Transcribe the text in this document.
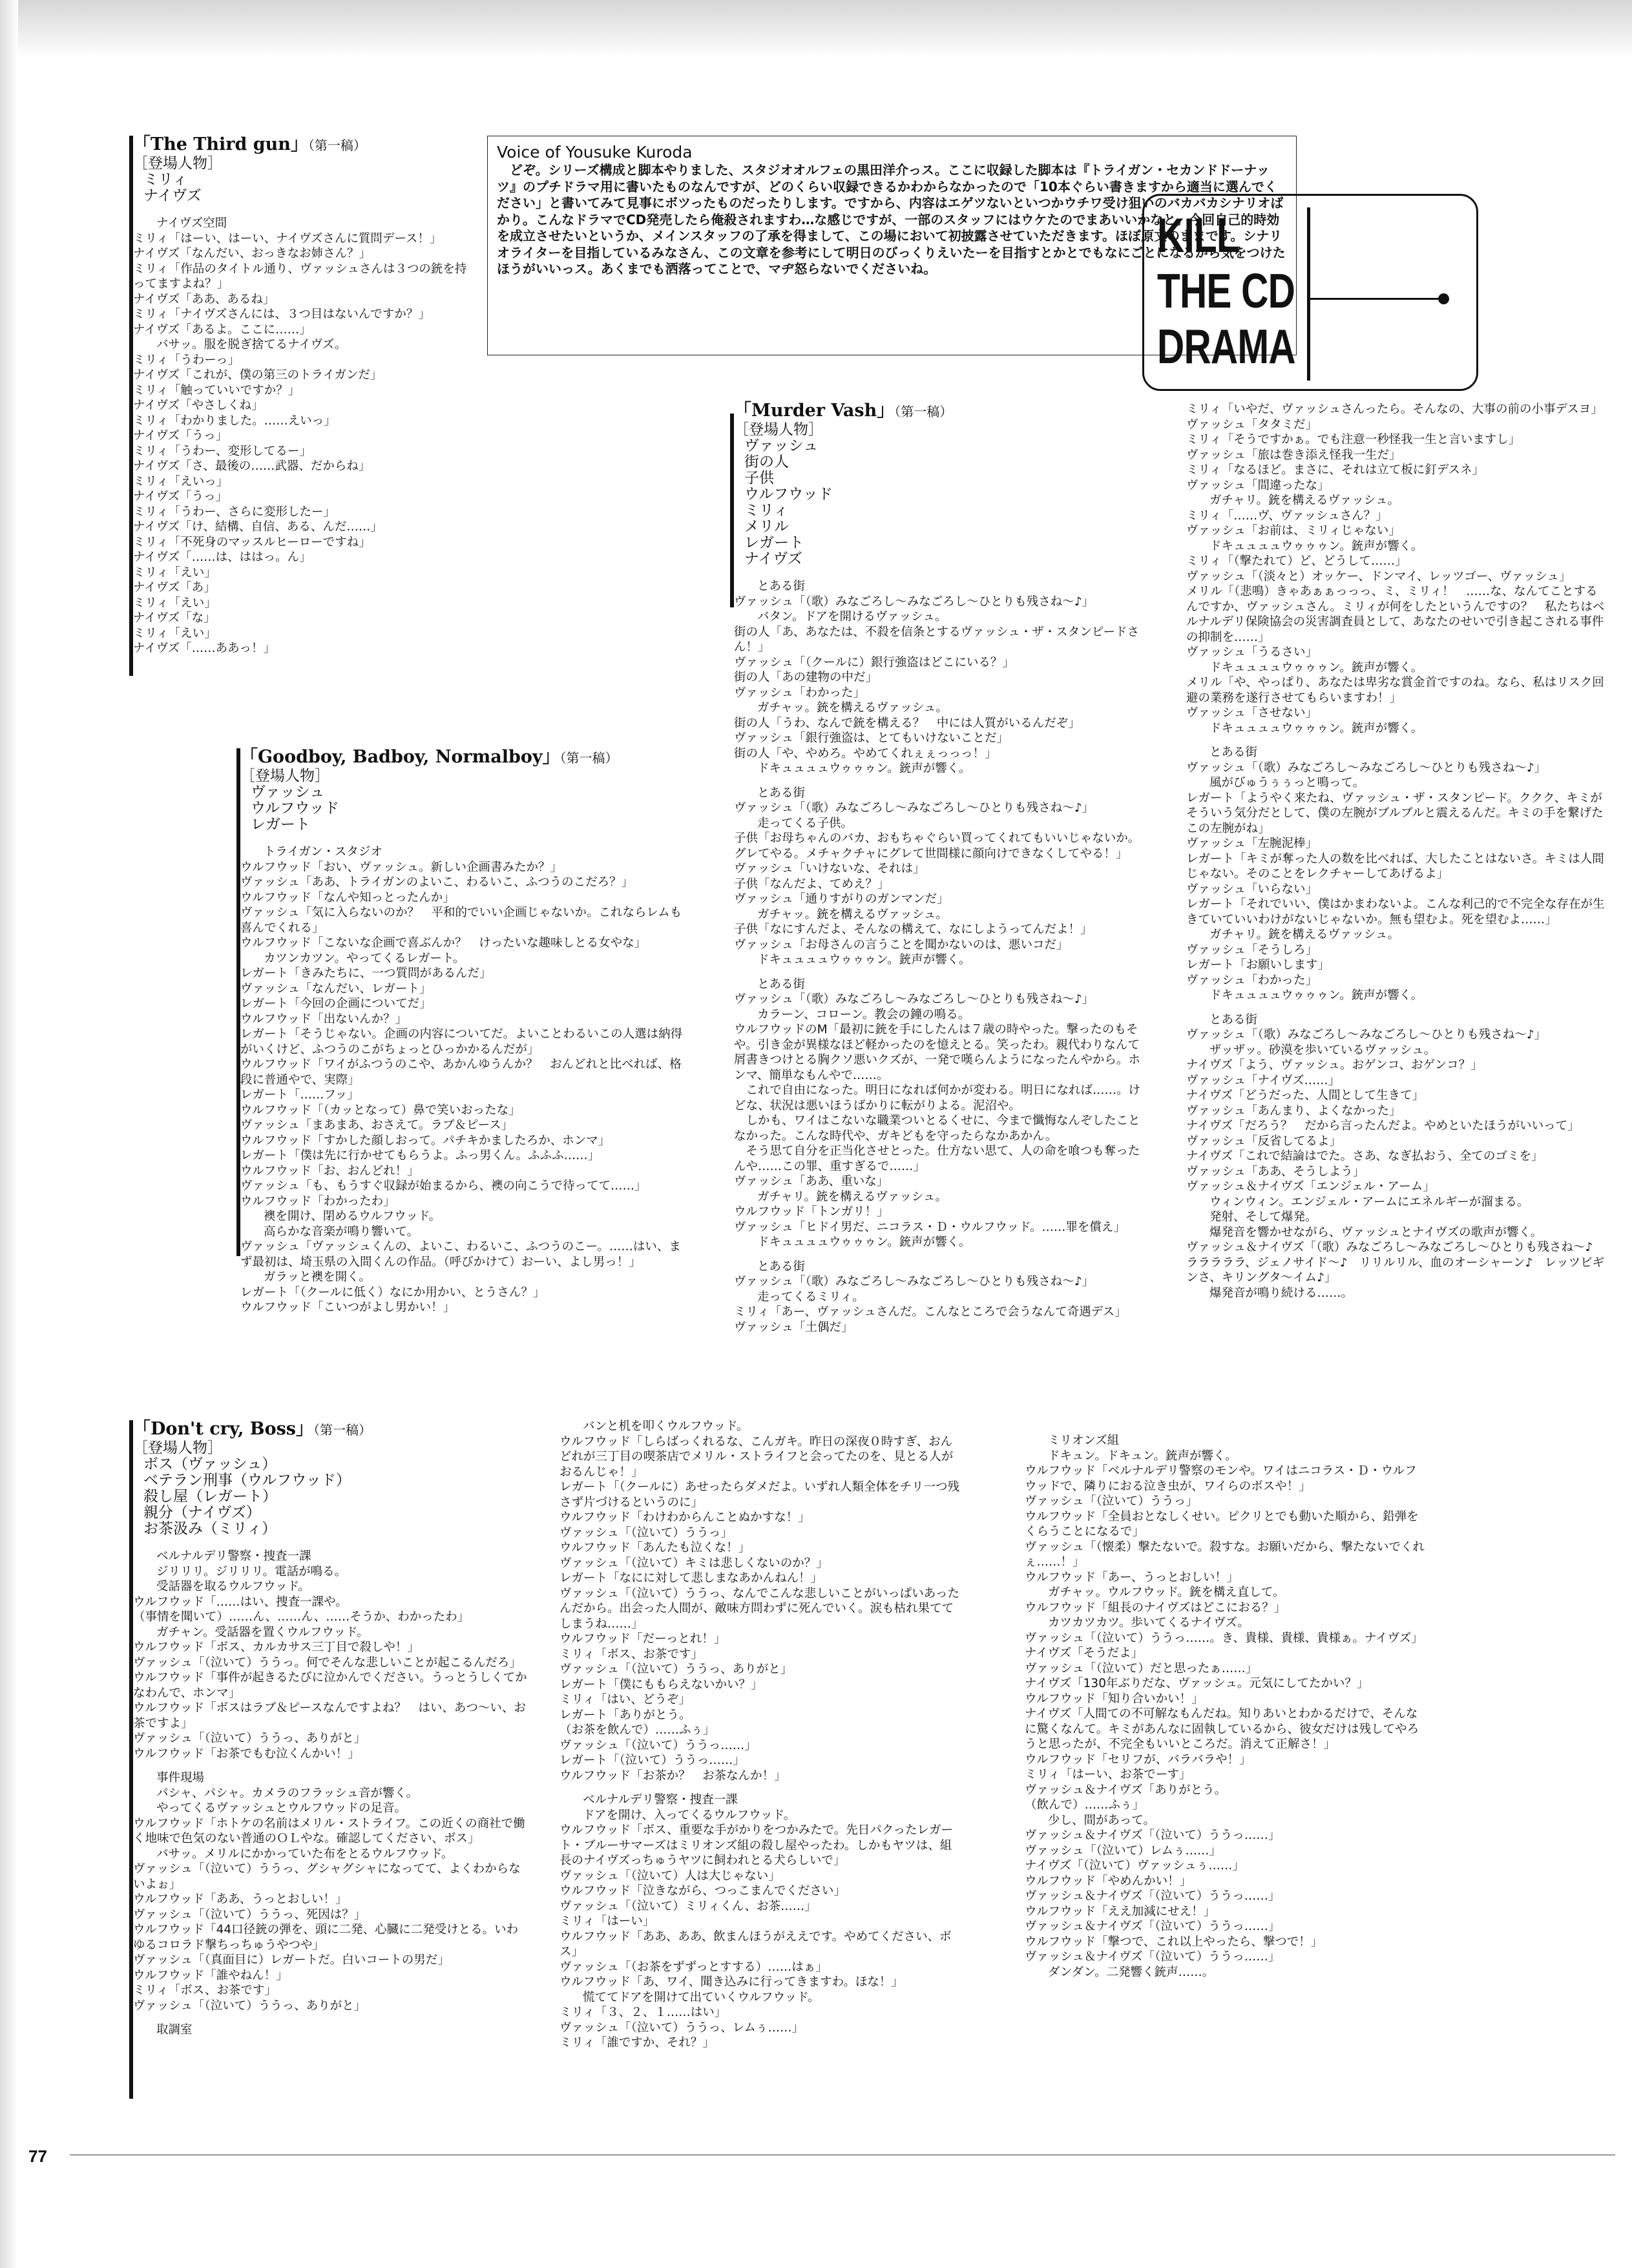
「The Third gun」（第一稿）
［登場人物］
ミリィ
ナイヴズ
ナイヴズ空間
ミリィ「はーい、はーい、ナイヴズさんに質問デース！」
ナイヴズ「なんだい、おっきなお姉さん？」
ミリィ「作品のタイトル通り、ヴァッシュさんは３つの銃を持ってますよね？」
ナイヴズ「ああ、あるね」
ミリィ「ナイヴズさんには、３つ目はないんですか？」
ナイヴズ「あるよ。ここに……」
バサッ。服を脱ぎ捨てるナイヴズ。
ミリィ「うわーっ」
ナイヴズ「これが、僕の第三のトライガンだ」
ミリィ「触っていいですか？」
ナイヴズ「やさしくね」
ミリィ「わかりました。……えいっ」
ナイヴズ「うっ」
ミリィ「うわー、変形してるー」
ナイヴズ「さ、最後の……武器、だからね」
ミリィ「えいっ」
ナイヴズ「うっ」
ミリィ「うわー、さらに変形したー」
ナイヴズ「け、結構、自信、ある、んだ……」
ミリィ「不死身のマッスルヒーローですね」
ナイヴズ「……は、ははっ。ん」
ミリィ「えい」
ナイヴズ「あ」
ミリィ「えい」
ナイヴズ「な」
ミリィ「えい」
ナイヴズ「……ああっ！」
Voice of Yousuke Kuroda
　どぞ。シリーズ構成と脚本やりました、スタジオオルフェの黒田洋介っス。ここに収録した脚本は『トライガン・セカンドドーナッツ』のプチドラマ用に書いたものなんですが、どのくらい収録できるかわからなかったので「10本ぐらい書きますから適当に選んでください」と書いてみて見事にボツったものだったりします。ですから、内容はエゲツないといつかウチワ受け狙いのバカバカシナリオばかり。こんなドラマでCD発売したら俺殺されますわ…な感じですが、一部のスタッフにはウケたのでまあいいかなと。今回自己的時効を成立させたいというか、メインスタッフの了承を得まして、この場において初披露させていただきます。ほぼ原文のままです。シナリオライターを目指しているみなさん、この文章を参考にして明日のびっくりえいたーを目指すとかとでもなにごとになるから気をつけたほうがいいっス。あくまでも洒落ってことで、マヂ怒らないでくださいね。
KILL
THE CD
DRAMA
「Goodboy, Badboy, Normalboy」（第一稿）
［登場人物］
ヴァッシュ
ウルフウッド
レガート
トライガン・スタジオ
ウルフウッド「おい、ヴァッシュ。新しい企画書みたか？」
ヴァッシュ「ああ、トライガンのよいこ、わるいこ、ふつうのこだろ？」
ウルフウッド「なんや知っとったんか」
ヴァッシュ「気に入らないのか？　平和的でいい企画じゃないか。これならレムも喜んでくれる」
ウルフウッド「こないな企画で喜ぶんか？　けったいな趣味しとる女やな」
カツンカツン。やってくるレガート。
レガート「きみたちに、一つ質問があるんだ」
ヴァッシュ「なんだい、レガート」
レガート「今回の企画についてだ」
ウルフウッド「出ないんか？」
レガート「そうじゃない。企画の内容についてだ。よいことわるいこの人選は納得がいくけど、ふつうのこがちょっとひっかかるんだが」
ウルフウッド「ワイがふつうのこや、あかんゆうんか？　おんどれと比べれば、格段に普通やで、実際」
レガート「……フッ」
ウルフウッド「（カッとなって）鼻で笑いおったな」
ヴァッシュ「まあまあ、おさえて。ラブ＆ピース」
ウルフウッド「すかした顔しおって。パチキかましたろか、ホンマ」
レガート「僕は先に行かせてもらうよ。ふっ男くん。ふふふ……」
ウルフウッド「お、おんどれ！」
ヴァッシュ「も、もうすぐ収録が始まるから、襖の向こうで待ってて……」
ウルフウッド「わかったわ」
襖を開け、閉めるウルフウッド。
高らかな音楽が鳴り響いて。
ヴァッシュ「ヴァッシュくんの、よいこ、わるいこ、ふつうのこー。……はい、まず最初は、埼玉県の入間くんの作品。（呼びかけて）おーい、よし男っ！」
ガラッと襖を開く。
レガート「（クールに低く）なにか用かい、とうさん？」
ウルフウッド「こいつがよし男かい！」
「Murder Vash」（第一稿）
［登場人物］
ヴァッシュ
街の人
子供
ウルフウッド
ミリィ
メリル
レガート
ナイヴズ
とある街
ヴァッシュ「（歌）みなごろし～みなごろし～ひとりも残さね～♪」
バタン。ドアを開けるヴァッシュ。
街の人「あ、あなたは、不殺を信条とするヴァッシュ・ザ・スタンピードさん！」
ヴァッシュ「（クールに）銀行強盗はどこにいる？」
街の人「あの建物の中だ」
ヴァッシュ「わかった」
ガチャッ。銃を構えるヴァッシュ。
街の人「うわ、なんで銃を構える？　中には人質がいるんだぞ」
ヴァッシュ「銀行強盗は、とてもいけないことだ」
街の人「や、やめろ。やめてくれぇぇっっっ！」
ドキュュュュウゥゥゥン。銃声が響く。
とある街
ヴァッシュ「（歌）みなごろし～みなごろし～ひとりも残さね～♪」
走ってくる子供。
子供「お母ちゃんのバカ、おもちゃぐらい買ってくれてもいいじゃないか。グレてやる。メチャクチャにグレて世間様に顔向けできなくしてやる！」
ヴァッシュ「いけないな、それは」
子供「なんだよ、てめえ？」
ヴァッシュ「通りすがりのガンマンだ」
ガチャッ。銃を構えるヴァッシュ。
子供「なにすんだよ、そんなの構えて、なにしようってんだよ！」
ヴァッシュ「お母さんの言うことを聞かないのは、悪いコだ」
ドキュュュュウゥゥゥン。銃声が響く。
とある街
ヴァッシュ「（歌）みなごろし～みなごろし～ひとりも残さね～♪」
カラーン、コローン。教会の鐘の鳴る。
ウルフウッドのM「最初に銃を手にしたんは７歳の時やった。撃ったのもそや。引き金が異様なほど軽かったのを憶えとる。笑ったわ。親代わりなんて屑書きつけとる胸クソ悪いクズが、一発で嘆らんようになったんやから。ホンマ、簡単なもんやで……。
　これで自由になった。明日になれば何かが変わる。明日になれば……。けどな、状況は悪いほうばかりに転がりよる。泥沼や。
　しかも、ワイはこないな職業ついとるくせに、今まで懺悔なんぞしたことなかった。こんな時代や、ガキどもを守ったらなかあかん。
　そう思て自分を正当化させとった。仕方ない思て、人の命を喰つも奪ったんや……この罪、重すぎるで……」
ヴァッシュ「ああ、重いな」
ガチャリ。銃を構えるヴァッシュ。
ウルフウッド「トンガリ！」
ヴァッシュ「ヒドイ男だ、ニコラス・Ｄ・ウルフウッド。……罪を償え」
ドキュュュュウゥゥゥン。銃声が響く。
とある街
ヴァッシュ「（歌）みなごろし～みなごろし～ひとりも残さね～♪」
走ってくるミリィ。
ミリィ「あー、ヴァッシュさんだ。こんなところで会うなんて奇遇デス」
ヴァッシュ「土偶だ」
ミリィ「いやだ、ヴァッシュさんったら。そんなの、大事の前の小事デスヨ」
ヴァッシュ「タタミだ」
ミリィ「そうですかぁ。でも注意一秒怪我一生と言いますし」
ヴァッシュ「旅は巻き添え怪我一生だ」
ミリィ「なるほど。まさに、それは立て板に釘デスネ」
ヴァッシュ「間違ったな」
ガチャリ。銃を構えるヴァッシュ。
ミリィ「……ヴ、ヴァッシュさん？」
ヴァッシュ「お前は、ミリィじゃない」
ドキュュュュウゥゥゥン。銃声が響く。
ミリィ「（撃たれて）ど、どうして……」
ヴァッシュ「（淡々と）オッケー、ドンマイ、レッツゴー、ヴァッシュ」
メリル「（悲鳴）きゃあぁぁっっっ、ミ、ミリィ！　……な、なんてことするんですか、ヴァッシュさん。ミリィが何をしたというんですの？　私たちはベルナルデリ保険協会の災害調査員として、あなたのせいで引き起こされる事件の抑制を……」
ヴァッシュ「うるさい」
ドキュュュュウゥゥゥン。銃声が響く。
メリル「や、やっぱり、あなたは卑劣な賞金首ですのね。なら、私はリスク回避の業務を遂行させてもらいますわ！」
ヴァッシュ「させない」
ドキュュュュウゥゥゥン。銃声が響く。
とある街
ヴァッシュ「（歌）みなごろし～みなごろし～ひとりも残さね～♪」
風がびゅうぅぅっと鳴って。
レガート「ようやく来たね、ヴァッシュ・ザ・スタンピード。ククク、キミがそういう気分だとして、僕の左腕がブルブルと震えるんだ。キミの手を繋げたこの左腕がね」
ヴァッシュ「左腕泥棒」
レガート「キミが奪った人の数を比べれば、大したことはないさ。キミは人間じゃない。そのことをレクチャーしてあげるよ」
ヴァッシュ「いらない」
レガート「それでいい、僕はかまわないよ。こんな利己的で不完全な存在が生きていていいわけがないじゃないか。無も望むよ。死を望むよ……」
ガチャリ。銃を構えるヴァッシュ。
ヴァッシュ「そうしろ」
レガート「お願いします」
ヴァッシュ「わかった」
ドキュュュュウゥゥゥン。銃声が響く。
とある街
ヴァッシュ「（歌）みなごろし～みなごろし～ひとりも残さね～♪」
ザッザッ。砂漠を歩いているヴァッシュ。
ナイヴズ「よう、ヴァッシュ。おゲンコ、おゲンコ？」
ヴァッシュ「ナイヴズ……」
ナイヴズ「どうだった、人間として生きて」
ヴァッシュ「あんまり、よくなかった」
ナイヴズ「だろう？　だから言ったんだよ。やめといたほうがいいって」
ヴァッシュ「反省してるよ」
ナイヴズ「これで結論はでた。さあ、なぎ払おう、全てのゴミを」
ヴァッシュ「ああ、そうしよう」
ヴァッシュ＆ナイヴズ「エンジェル・アーム」
ウィンウィン。エンジェル・アームにエネルギーが溜まる。
発射、そして爆発。
爆発音を響かせながら、ヴァッシュとナイヴズの歌声が響く。
ヴァッシュ＆ナイヴズ「（歌）みなごろし～みなごろし～ひとりも残さね～♪　ラララララ、ジェノサイド～♪　リリルリル、血のオーシャーン♪　レッツビギンさ、キリングタ～イム♪」
爆発音が鳴り続ける……。
「Don't cry, Boss」（第一稿）
［登場人物］
ボス（ヴァッシュ）
ベテラン刑事（ウルフウッド）
殺し屋（レガート）
親分（ナイヴズ）
お茶汲み（ミリィ）
ベルナルデリ警察・捜査一課
ジリリリ。ジリリリ。電話が鳴る。
受話器を取るウルフウッド。
ウルフウッド「……はい、捜査一課や。
（事情を聞いて）……ん、……ん、……そうか、わかったわ」
ガチャン。受話器を置くウルフウッド。
ウルフウッド「ボス、カルカサス三丁目で殺しや！」
ヴァッシュ「（泣いて）ううっ。何でそんな悲しいことが起こるんだろ」
ウルフウッド「事件が起きるたびに泣かんでください。うっとうしくてかなわんで、ホンマ」
ウルフウッド「ボスはラブ＆ピースなんですよね？　はい、あつ～い、お茶ですよ」
ヴァッシュ「（泣いて）ううっ、ありがと」
ウルフウッド「お茶でもむ泣くんかい！」
事件現場
パシャ、パシャ。カメラのフラッシュ音が響く。
やってくるヴァッシュとウルフウッドの足音。
ウルフウッド「ホトケの名前はメリル・ストライフ。この近くの商社で働く地味で色気のない普通のＯＬやな。確認してください、ボス」
バサッ。メリルにかかっていた布をとるウルフウッド。
ヴァッシュ「（泣いて）ううっ、グシャグシャになってて、よくわからないよぉ」
ウルフウッド「ああ、うっとおしい！」
ヴァッシュ「（泣いて）ううっ、死因は？」
ウルフウッド「44口径銃の弾を、頭に二発、心臓に二発受けとる。いわゆるコロラド撃ちっちゅうやつや」
ヴァッシュ「（真面目に）レガートだ。白いコートの男だ」
ウルフウッド「誰やねん！」
ミリィ「ボス、お茶です」
ヴァッシュ「（泣いて）ううっ、ありがと」
取調室
バンと机を叩くウルフウッド。
ウルフウッド「しらばっくれるな、こんガキ。昨日の深夜０時すぎ、おんどれが三丁目の喫茶店でメリル・ストライフと会ってたのを、見とる人がおるんじゃ！」
レガート「（クールに）あせったらダメだよ。いずれ人類全体をチリ一つ残さず片づけるというのに」
ウルフウッド「わけわからんことぬかすな！」
ヴァッシュ「（泣いて）ううっ」
ウルフウッド「あんたも泣くな！」
ヴァッシュ「（泣いて）キミは悲しくないのか？」
レガート「なにに対して悲しまなあかんねん！」
ヴァッシュ「（泣いて）ううっ、なんでこんな悲しいことがいっぱいあったんだから。出会った人間が、敵味方問わずに死んでいく。涙も枯れ果ててしまうね……」
ウルフウッド「だーっとれ！」
ミリィ「ボス、お茶です」
ヴァッシュ「（泣いて）ううっ、ありがと」
レガート「僕にももらえないかい？」
ミリィ「はい、どうぞ」
レガート「ありがとう。
（お茶を飲んで）……ふぅ」
ヴァッシュ「（泣いて）ううっ……」
レガート「（泣いて）ううっ……」
ウルフウッド「お茶か？　お茶なんか！」
ベルナルデリ警察・捜査一課
ドアを開け、入ってくるウルフウッド。
ウルフウッド「ボス、重要な手がかりをつかみたで。先日パクったレガート・ブルーサマーズはミリオンズ組の殺し屋やったわ。しかもヤツは、組長のナイヴズっちゅうヤツに飼われとる犬らしいで」
ヴァッシュ「（泣いて）人は大じゃない」
ウルフウッド「泣きながら、つっこまんでください」
ヴァッシュ「（泣いて）ミリィくん、お茶……」
ミリィ「はーい」
ウルフウッド「ああ、ああ、飲まんほうがええです。やめてください、ボス」
ヴァッシュ「（お茶をずずっとすする）……はぁ」
ウルフウッド「あ、ワイ、聞き込みに行ってきますわ。ほな！」
慌ててドアを開けて出ていくウルフウッド。
ミリィ「３、２、１……はい」
ヴァッシュ「（泣いて）ううっ、レムぅ……」
ミリィ「誰ですか、それ？」
ミリオンズ組
ドキュン。ドキュン。銃声が響く。
ウルフウッド「ベルナルデリ警察のモンや。ワイはニコラス・Ｄ・ウルフウッドで、隣りにおる泣き虫が、ワイらのボスや！」
ヴァッシュ「（泣いて）ううっ」
ウルフウッド「全員おとなしくせい。ピクリとでも動いた順から、鉛弾をくらうことになるで」
ヴァッシュ「（懐柔）撃たないで。殺すな。お願いだから、撃たないでくれぇ……！」
ウルフウッド「あー、うっとおしい！」
ガチャッ。ウルフウッド。銃を構え直して。
ウルフウッド「組長のナイヴズはどこにおる？」
カツカツカツ。歩いてくるナイヴズ。
ヴァッシュ「（泣いて）ううっ……。き、貴様、貴様、貴様ぁ。ナイヴズ」
ナイヴズ「そうだよ」
ヴァッシュ「（泣いて）だと思ったぁ……」
ナイヴズ「130年ぶりだな、ヴァッシュ。元気にしてたかい？」
ウルフウッド「知り合いかい！」
ナイヴズ「人間ての不可解なもんだね。知りあいとわかるだけで、そんなに驚くなんて。キミがあんなに固執しているから、彼女だけは残してやろうと思ったが、不完全もいいところだ。消えて正解さ！」
ウルフウッド「セリフが、バラバラや！」
ミリィ「はーい、お茶でーす」
ヴァッシュ＆ナイヴズ「ありがとう。
（飲んで）……ふぅ」
少し、間があって。
ヴァッシュ＆ナイヴズ「（泣いて）ううっ……」
ヴァッシュ「（泣いて）レムぅ……」
ナイヴズ「（泣いて）ヴァッシュぅ……」
ウルフウッド「やめんかい！」
ヴァッシュ＆ナイヴズ「（泣いて）ううっ……」
ウルフウッド「ええ加減にせえ！」
ヴァッシュ＆ナイヴズ「（泣いて）ううっ……」
ウルフウッド「撃つで、これ以上やったら、撃つで！」
ヴァッシュ＆ナイヴズ「（泣いて）ううっ……」
ダンダン。二発響く銃声……。
77
